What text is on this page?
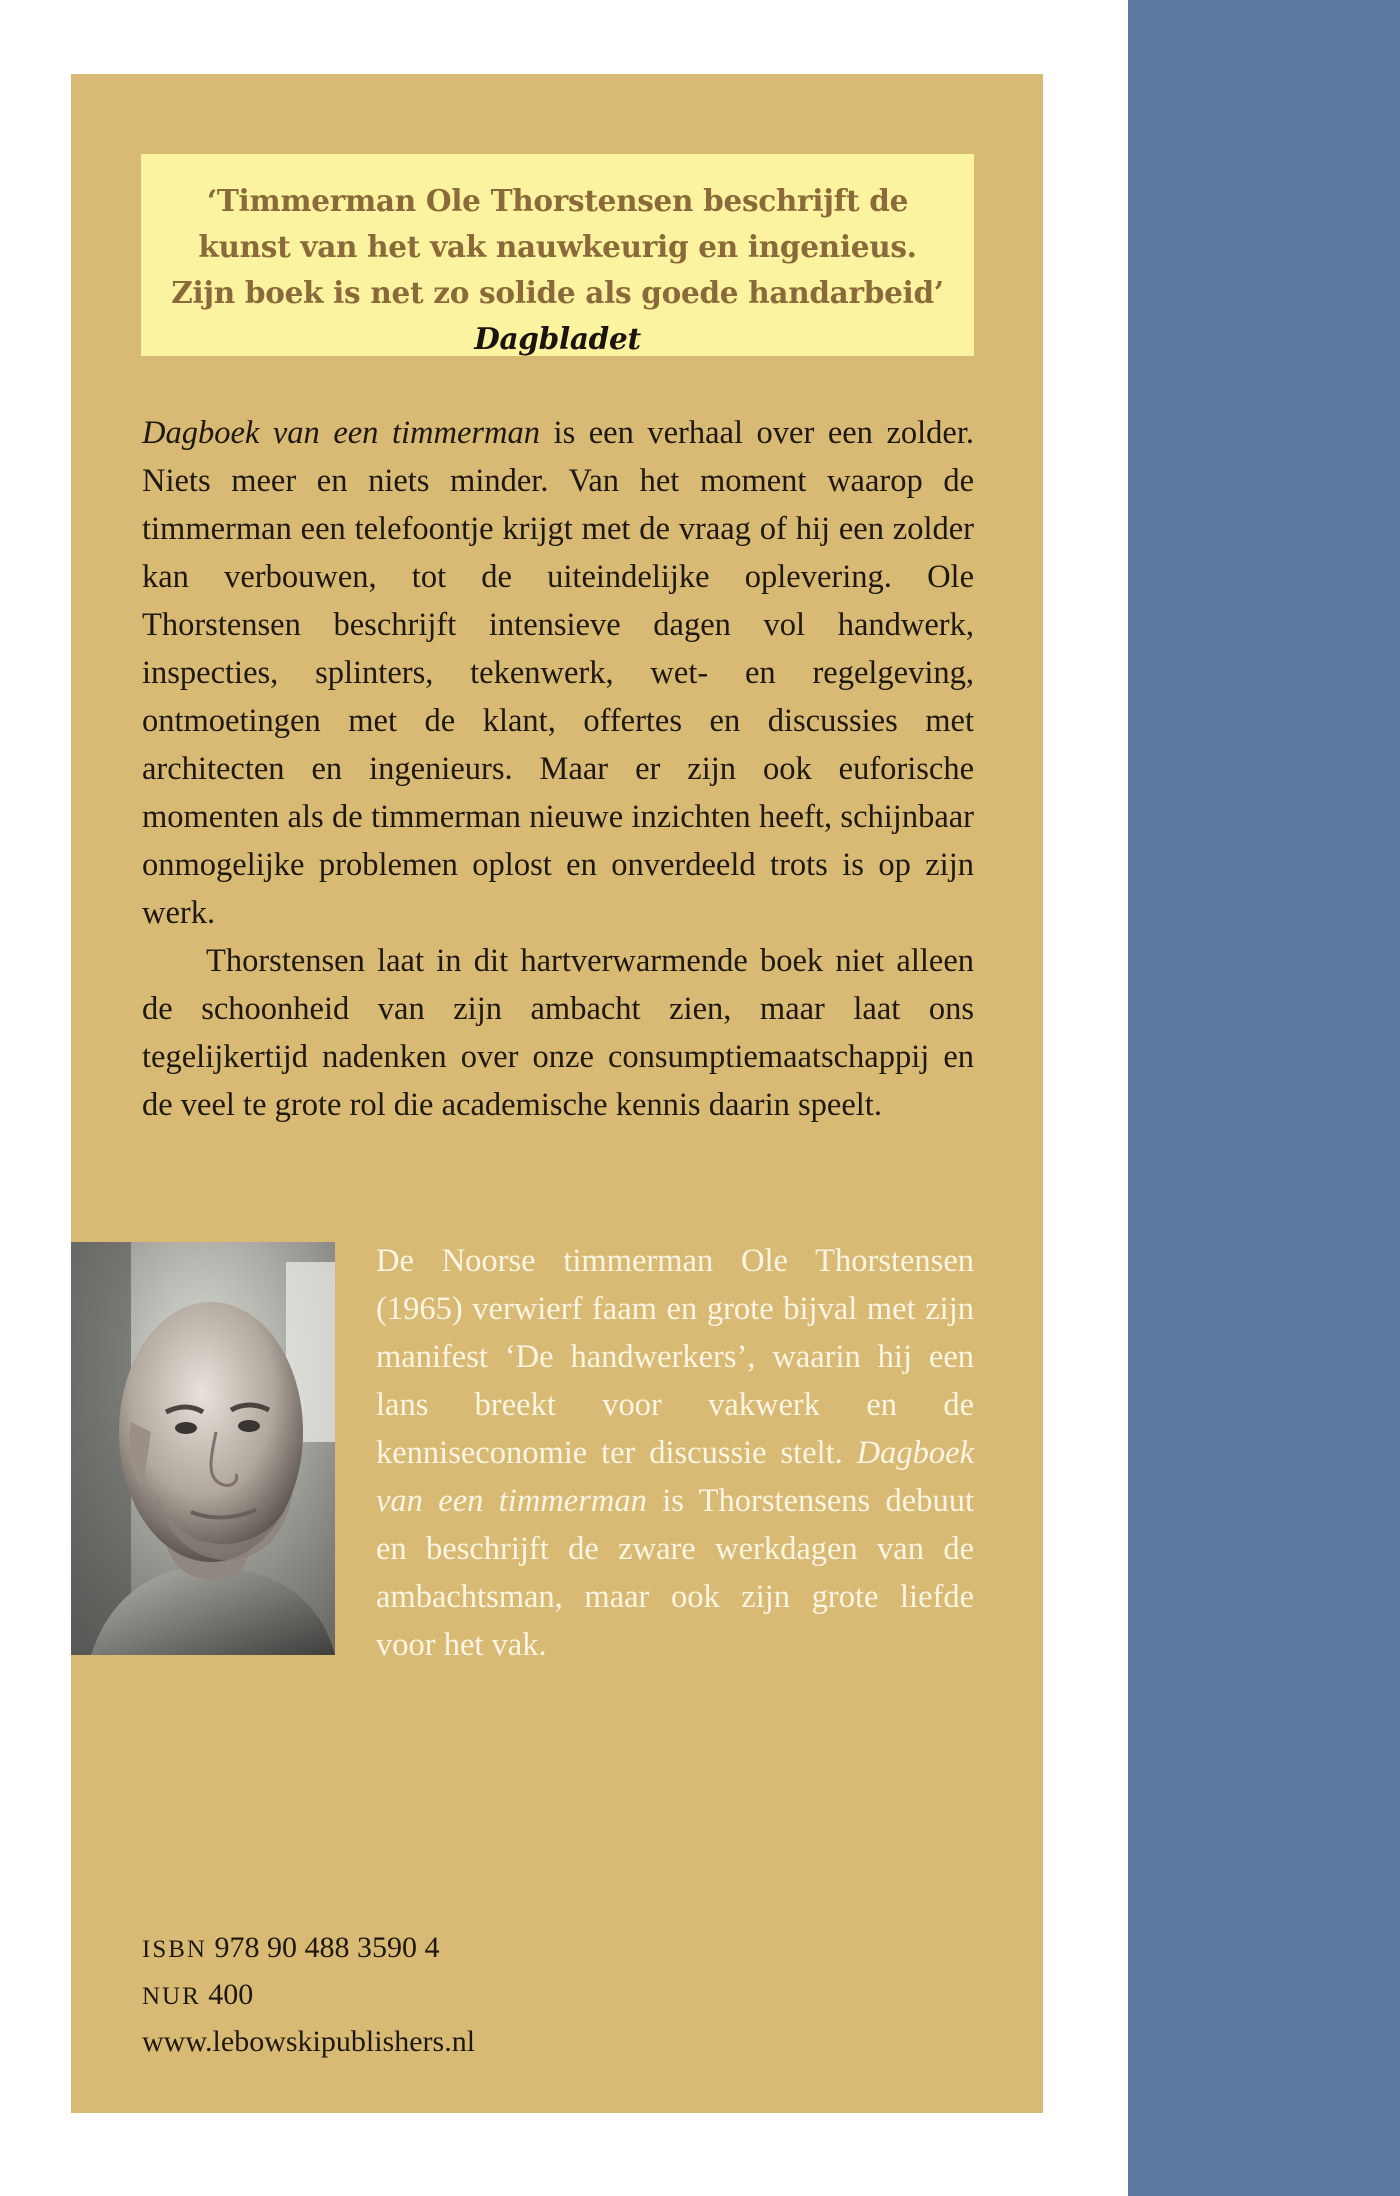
‘Timmerman Ole Thorstensen beschrijft de kunst van het vak nauwkeurig en ingenieus. Zijn boek is net zo solide als goede handarbeid’ Dagbladet

Dagboek van een timmerman is een verhaal over een zolder. Niets meer en niets minder. Van het moment waarop de timmerman een telefoontje krijgt met de vraag of hij een zolder kan verbouwen, tot de uiteindelijke oplevering. Ole Thorstensen beschrijft intensieve dagen vol handwerk, inspecties, splinters, tekenwerk, wet- en regelgeving, ontmoetingen met de klant, offertes en discussies met architecten en ingenieurs. Maar er zijn ook euforische momenten als de timmerman nieuwe inzichten heeft, schijnbaar onmogelijke problemen oplost en onverdeeld trots is op zijn werk.

Thorstensen laat in dit hartverwarmende boek niet alleen de schoonheid van zijn ambacht zien, maar laat ons tegelijkertijd nadenken over onze consumptiemaatschappij en de veel te grote rol die academische kennis daarin speelt.

De Noorse timmerman Ole Thorstensen (1965) verwierf faam en grote bijval met zijn manifest ‘De handwerkers’, waarin hij een lans breekt voor vakwerk en de kenniseconomie ter discussie stelt. Dagboek van een timmerman is Thorstensens debuut en beschrijft de zware werkdagen van de ambachtsman, maar ook zijn grote liefde voor het vak.

ISBN 978 90 488 3590 4
NUR 400
www.lebowskipublishers.nl
